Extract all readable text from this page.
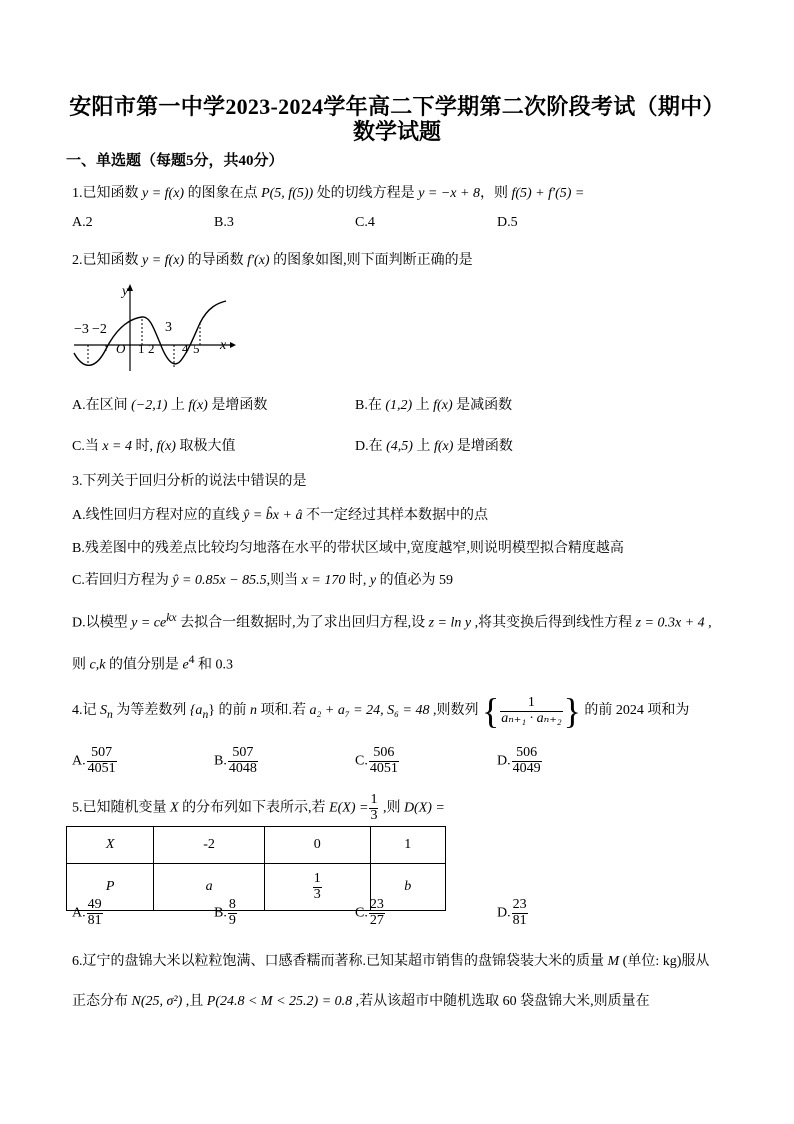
安阳市第一中学2023-2024学年高二下学期第二次阶段考试（期中）
数学试题
一、单选题（每题5分，共40分）
1.已知函数 y = f(x) 的图象在点 P(5, f(5)) 处的切线方程是 y = −x + 8，则 f(5) + f′(5) =
A.2	B.3	C.4	D.5
2.已知函数 y = f(x) 的导函数 f′(x) 的图象如图,则下面判断正确的是
y
x
O
−3 −2
1 2
3
4 5
A.在区间 (−2,1) 上 f(x) 是增函数	B.在 (1,2) 上 f(x) 是减函数
C.当 x = 4 时, f(x) 取极大值	D.在 (4,5) 上 f(x) 是增函数
3.下列关于回归分析的说法中错误的是
A.线性回归方程对应的直线 ŷ = b̂x + â 不一定经过其样本数据中的点
B.残差图中的残差点比较均匀地落在水平的带状区域中,宽度越窄,则说明模型拟合精度越高
C.若回归方程为 ŷ = 0.85x − 85.5,则当 x = 170 时, y 的值必为 59
D.以模型 $y = ce^{kx}$ 去拟合一组数据时,为了求出回归方程,设 z = ln y ,将其变换后得到线性方程 z = 0.3x + 4 ,
则 c,k 的值分别是 $e^4$ 和 0.3
4.记 $S_n$ 为等差数列 $\{a_n\}$ 的前 n 项和.若 a₂ + a₇ = 24, S₆ = 48 ,则数列 { $\frac{1}{\text{aₙ₊₁ · aₙ₊₂}}$ } 的前 2024 项和为
A. $\frac{507}{4051}$	B. $\frac{507}{4048}$	C. $\frac{506}{4051}$	D. $\frac{506}{4049}$
5.已知随机变量 X 的分布列如下表所示,若 $E(X) = \frac{1}{3}$ ,则 D(X) =
X	-2	0	1
P	a	$\frac{1}{3}$	b
A. $\frac{49}{81}$	B. $\frac{8}{9}$	C. $\frac{23}{27}$	D. $\frac{23}{81}$
6.辽宁的盘锦大米以粒粒饱满、口感香糯而著称.已知某超市销售的盘锦袋装大米的质量 M (单位: kg)服从
正态分布 N(25, σ²) ,且 P(24.8 < M < 25.2) = 0.8 ,若从该超市中随机选取 60 袋盘锦大米,则质量在
